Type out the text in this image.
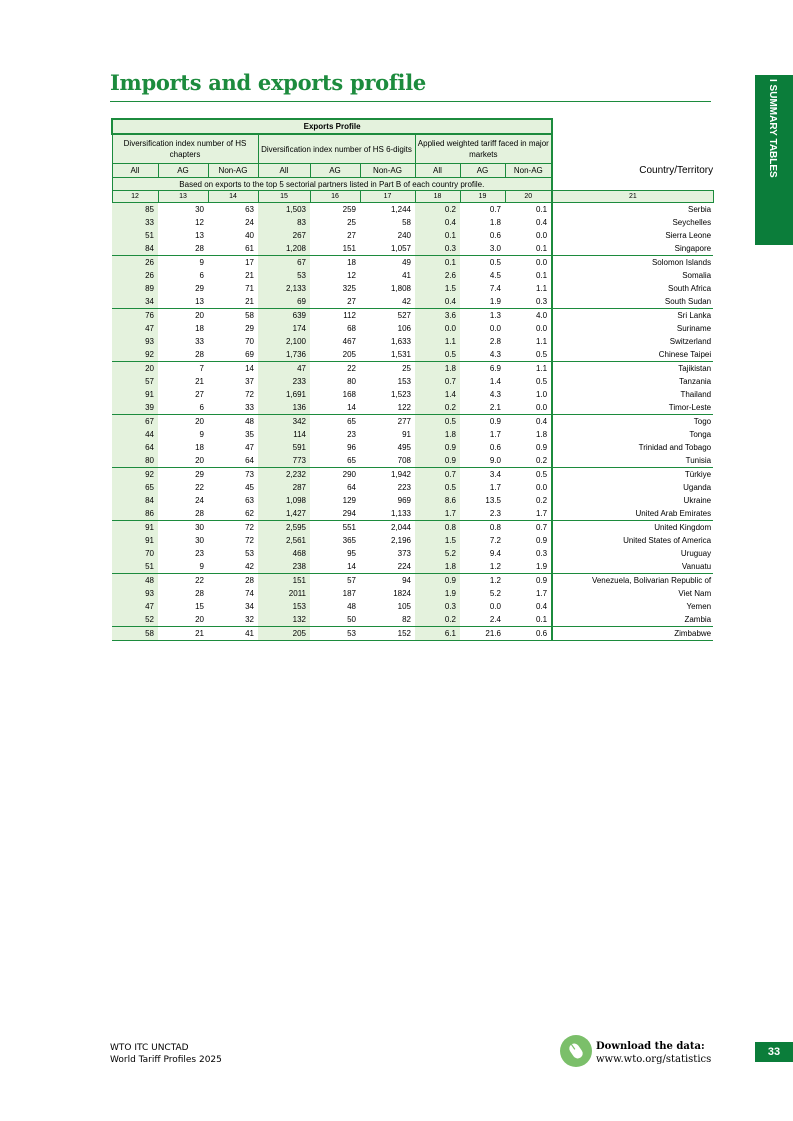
Imports and exports profile	I SUMMARY TABLES
Exports Profile									
Diversification index number of HS chapters			Diversification index number of HS 6-digits			Applied weighted tariff faced in major markets			Country/Territory
All	AG	Non-AG	All	AG	Non-AG	All	AG	Non-AG	
Based on exports to the top 5 sectorial partners listed in Part B of each country profile.									
12	13	14	15	16	17	18	19	20	21
85	30	63	1,503	259	1,244	0.2	0.7	0.1	Serbia
33	12	24	83	25	58	0.4	1.8	0.4	Seychelles
51	13	40	267	27	240	0.1	0.6	0.0	Sierra Leone
84	28	61	1,208	151	1,057	0.3	3.0	0.1	Singapore
26	9	17	67	18	49	0.1	0.5	0.0	Solomon Islands
26	6	21	53	12	41	2.6	4.5	0.1	Somalia
89	29	71	2,133	325	1,808	1.5	7.4	1.1	South Africa
34	13	21	69	27	42	0.4	1.9	0.3	South Sudan
76	20	58	639	112	527	3.6	1.3	4.0	Sri Lanka
47	18	29	174	68	106	0.0	0.0	0.0	Suriname
93	33	70	2,100	467	1,633	1.1	2.8	1.1	Switzerland
92	28	69	1,736	205	1,531	0.5	4.3	0.5	Chinese Taipei
20	7	14	47	22	25	1.8	6.9	1.1	Tajikistan
57	21	37	233	80	153	0.7	1.4	0.5	Tanzania
91	27	72	1,691	168	1,523	1.4	4.3	1.0	Thailand
39	6	33	136	14	122	0.2	2.1	0.0	Timor-Leste
67	20	48	342	65	277	0.5	0.9	0.4	Togo
44	9	35	114	23	91	1.8	1.7	1.8	Tonga
64	18	47	591	96	495	0.9	0.6	0.9	Trinidad and Tobago
80	20	64	773	65	708	0.9	9.0	0.2	Tunisia
92	29	73	2,232	290	1,942	0.7	3.4	0.5	Türkiye
65	22	45	287	64	223	0.5	1.7	0.0	Uganda
84	24	63	1,098	129	969	8.6	13.5	0.2	Ukraine
86	28	62	1,427	294	1,133	1.7	2.3	1.7	United Arab Emirates
91	30	72	2,595	551	2,044	0.8	0.8	0.7	United Kingdom
91	30	72	2,561	365	2,196	1.5	7.2	0.9	United States of America
70	23	53	468	95	373	5.2	9.4	0.3	Uruguay
51	9	42	238	14	224	1.8	1.2	1.9	Vanuatu
48	22	28	151	57	94	0.9	1.2	0.9	Venezuela, Bolivarian Republic of
93	28	74	2011	187	1824	1.9	5.2	1.7	Viet Nam
47	15	34	153	48	105	0.3	0.0	0.4	Yemen
52	20	32	132	50	82	0.2	2.4	0.1	Zambia
58	21	41	205	53	152	6.1	21.6	0.6	Zimbabwe
WTO ITC UNCTAD
World Tariff Profiles 2025
Download the data:
www.wto.org/statistics
33
